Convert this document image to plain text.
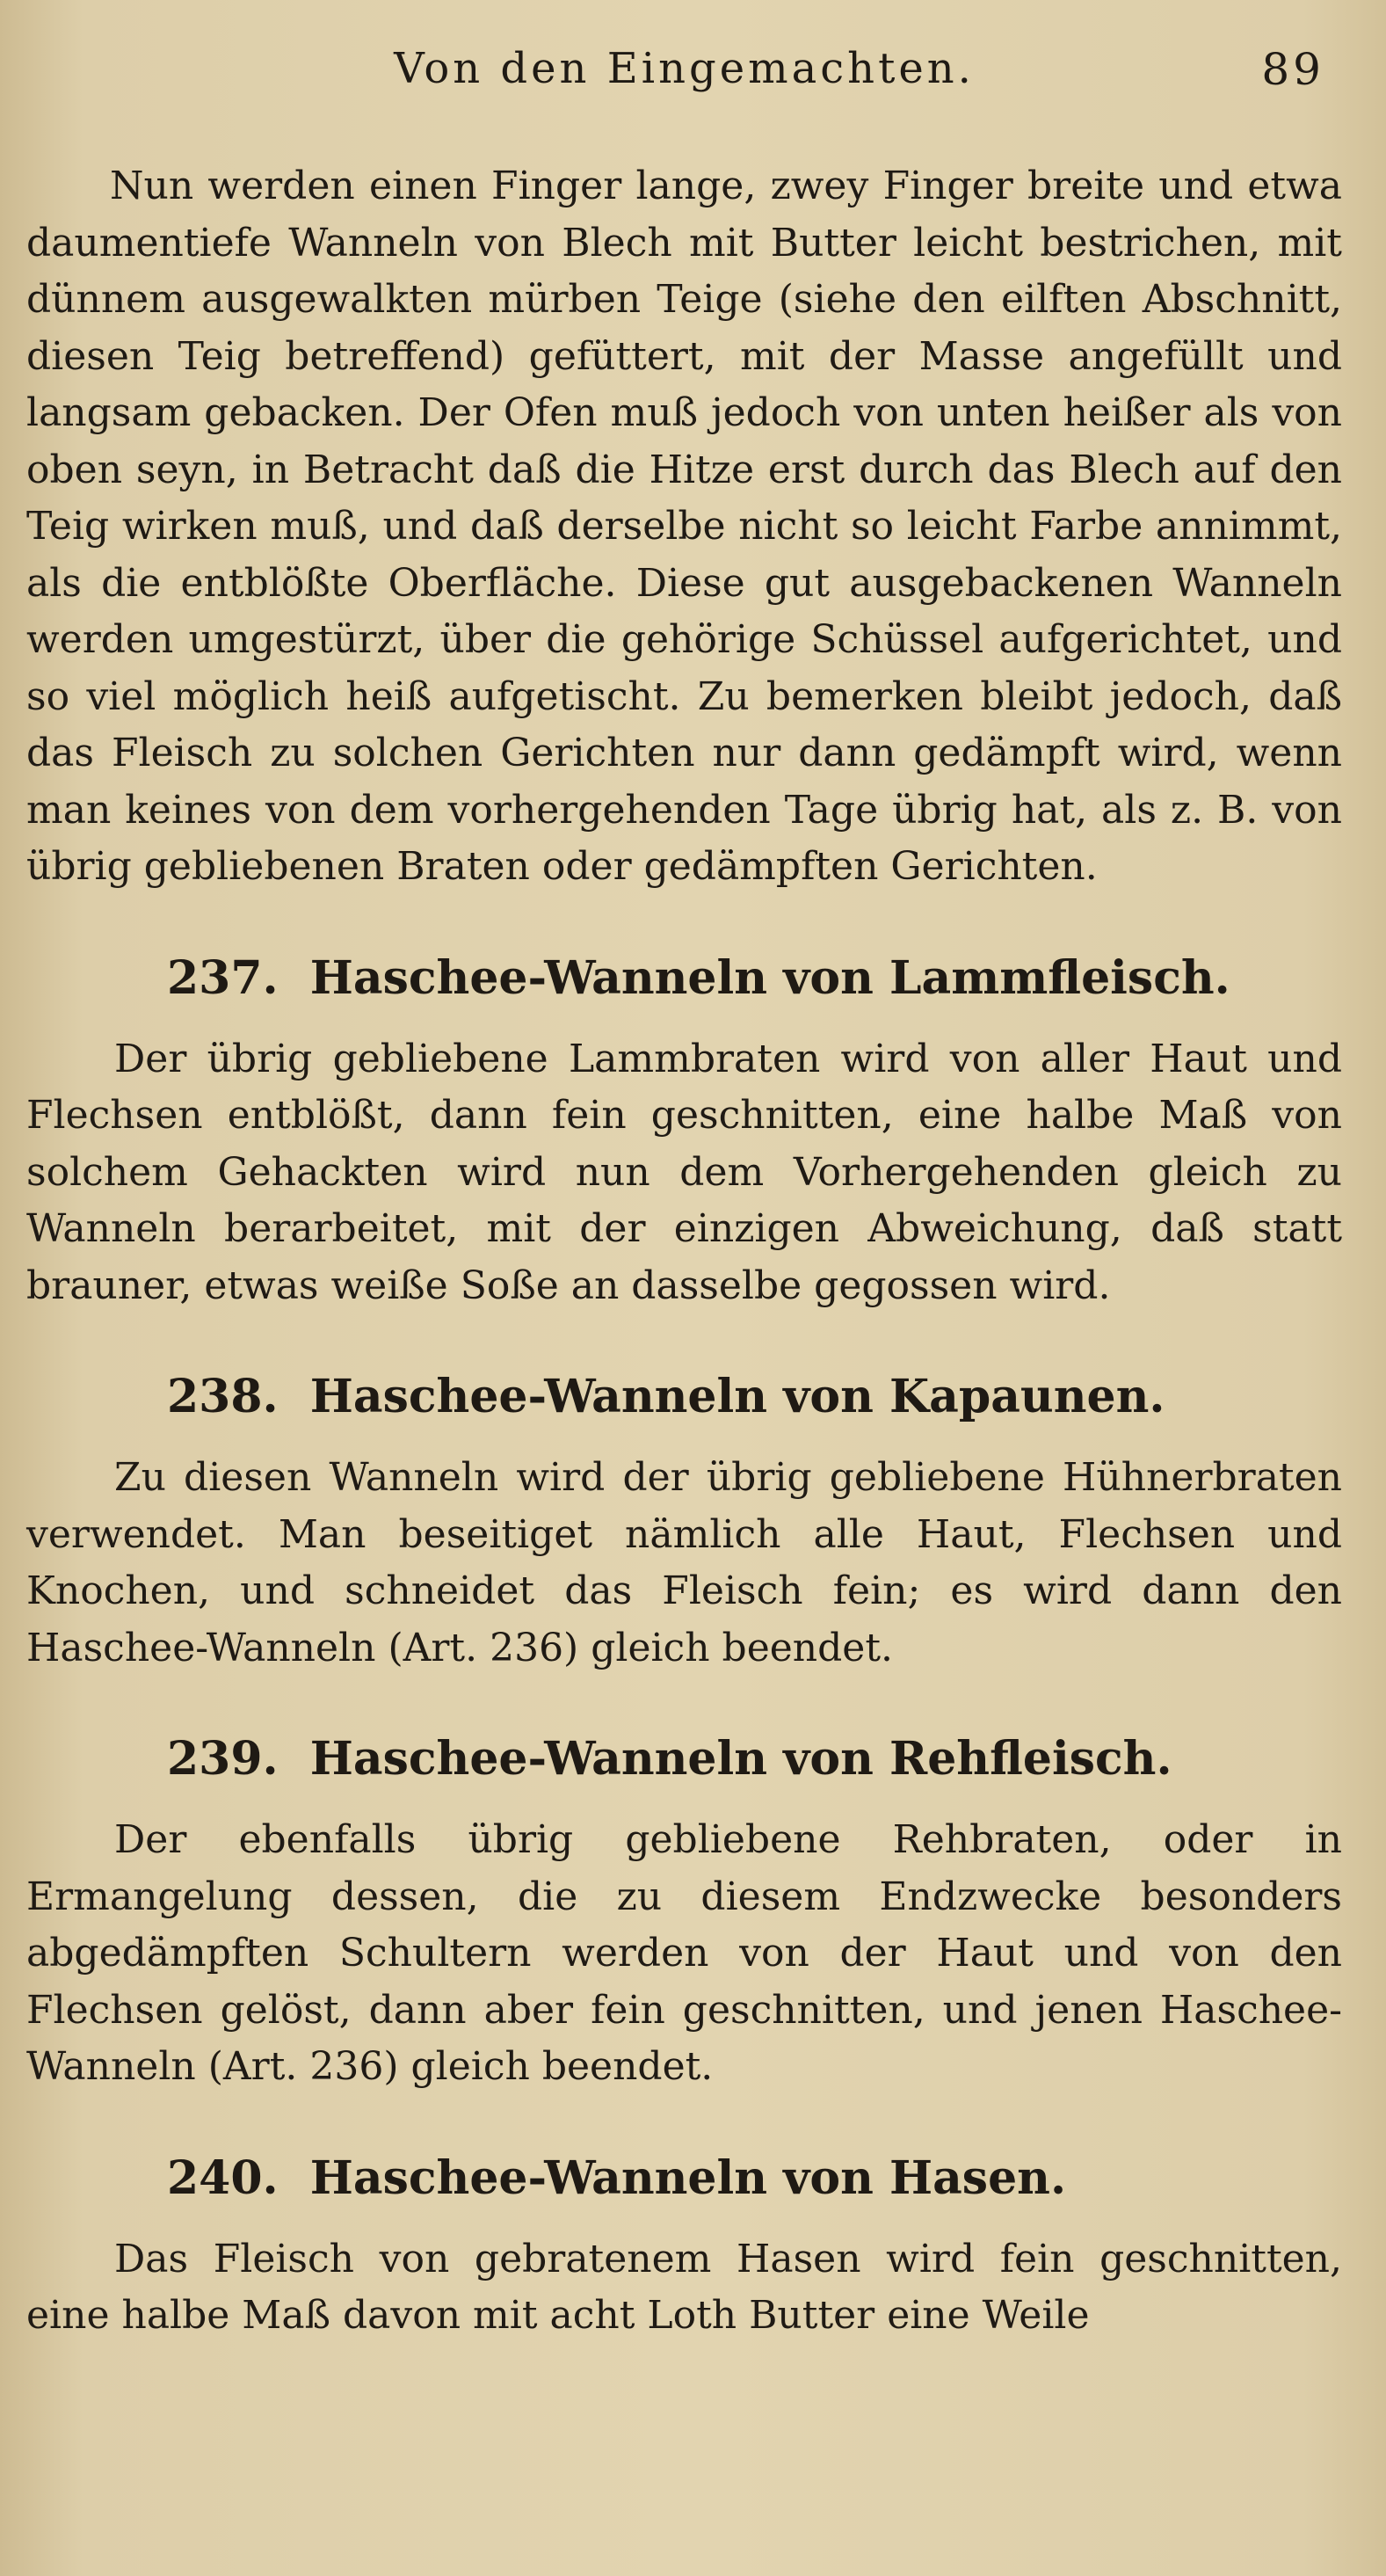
Von den Eingemachten.	89

Nun werden einen Finger lange, zwey Finger breite und etwa daumentiefe Wanneln von Blech mit Butter leicht bestrichen, mit dünnem ausgewalkten mürben Teige (siehe den eilften Abschnitt, diesen Teig betreffend) gefüttert, mit der Masse angefüllt und langsam gebacken. Der Ofen muß jedoch von unten heißer als von oben seyn, in Betracht daß die Hitze erst durch das Blech auf den Teig wirken muß, und daß derselbe nicht so leicht Farbe annimmt, als die entblößte Oberfläche. Diese gut ausgebackenen Wanneln werden umgestürzt, über die gehörige Schüssel aufgerichtet, und so viel möglich heiß aufgetischt. Zu bemerken bleibt jedoch, daß das Fleisch zu solchen Gerichten nur dann gedämpft wird, wenn man keines von dem vorhergehenden Tage übrig hat, als z. B. von übrig gebliebenen Braten oder gedämpften Gerichten.

237. Haschee-Wanneln von Lammfleisch.

Der übrig gebliebene Lammbraten wird von aller Haut und Flechsen entblößt, dann fein geschnitten, eine halbe Maß von solchem Gehackten wird nun dem Vorhergehenden gleich zu Wanneln berarbeitet, mit der einzigen Abweichung, daß statt brauner, etwas weiße Soße an dasselbe gegossen wird.

238. Haschee-Wanneln von Kapaunen.

Zu diesen Wanneln wird der übrig gebliebene Hühnerbraten verwendet. Man beseitiget nämlich alle Haut, Flechsen und Knochen, und schneidet das Fleisch fein; es wird dann den Haschee-Wanneln (Art. 236) gleich beendet.

239. Haschee-Wanneln von Rehfleisch.

Der ebenfalls übrig gebliebene Rehbraten, oder in Ermangelung dessen, die zu diesem Endzwecke besonders abgedämpften Schultern werden von der Haut und von den Flechsen gelöst, dann aber fein geschnitten, und jenen Haschee-Wanneln (Art. 236) gleich beendet.

240. Haschee-Wanneln von Hasen.

Das Fleisch von gebratenem Hasen wird fein geschnitten, eine halbe Maß davon mit acht Loth Butter eine Weile
